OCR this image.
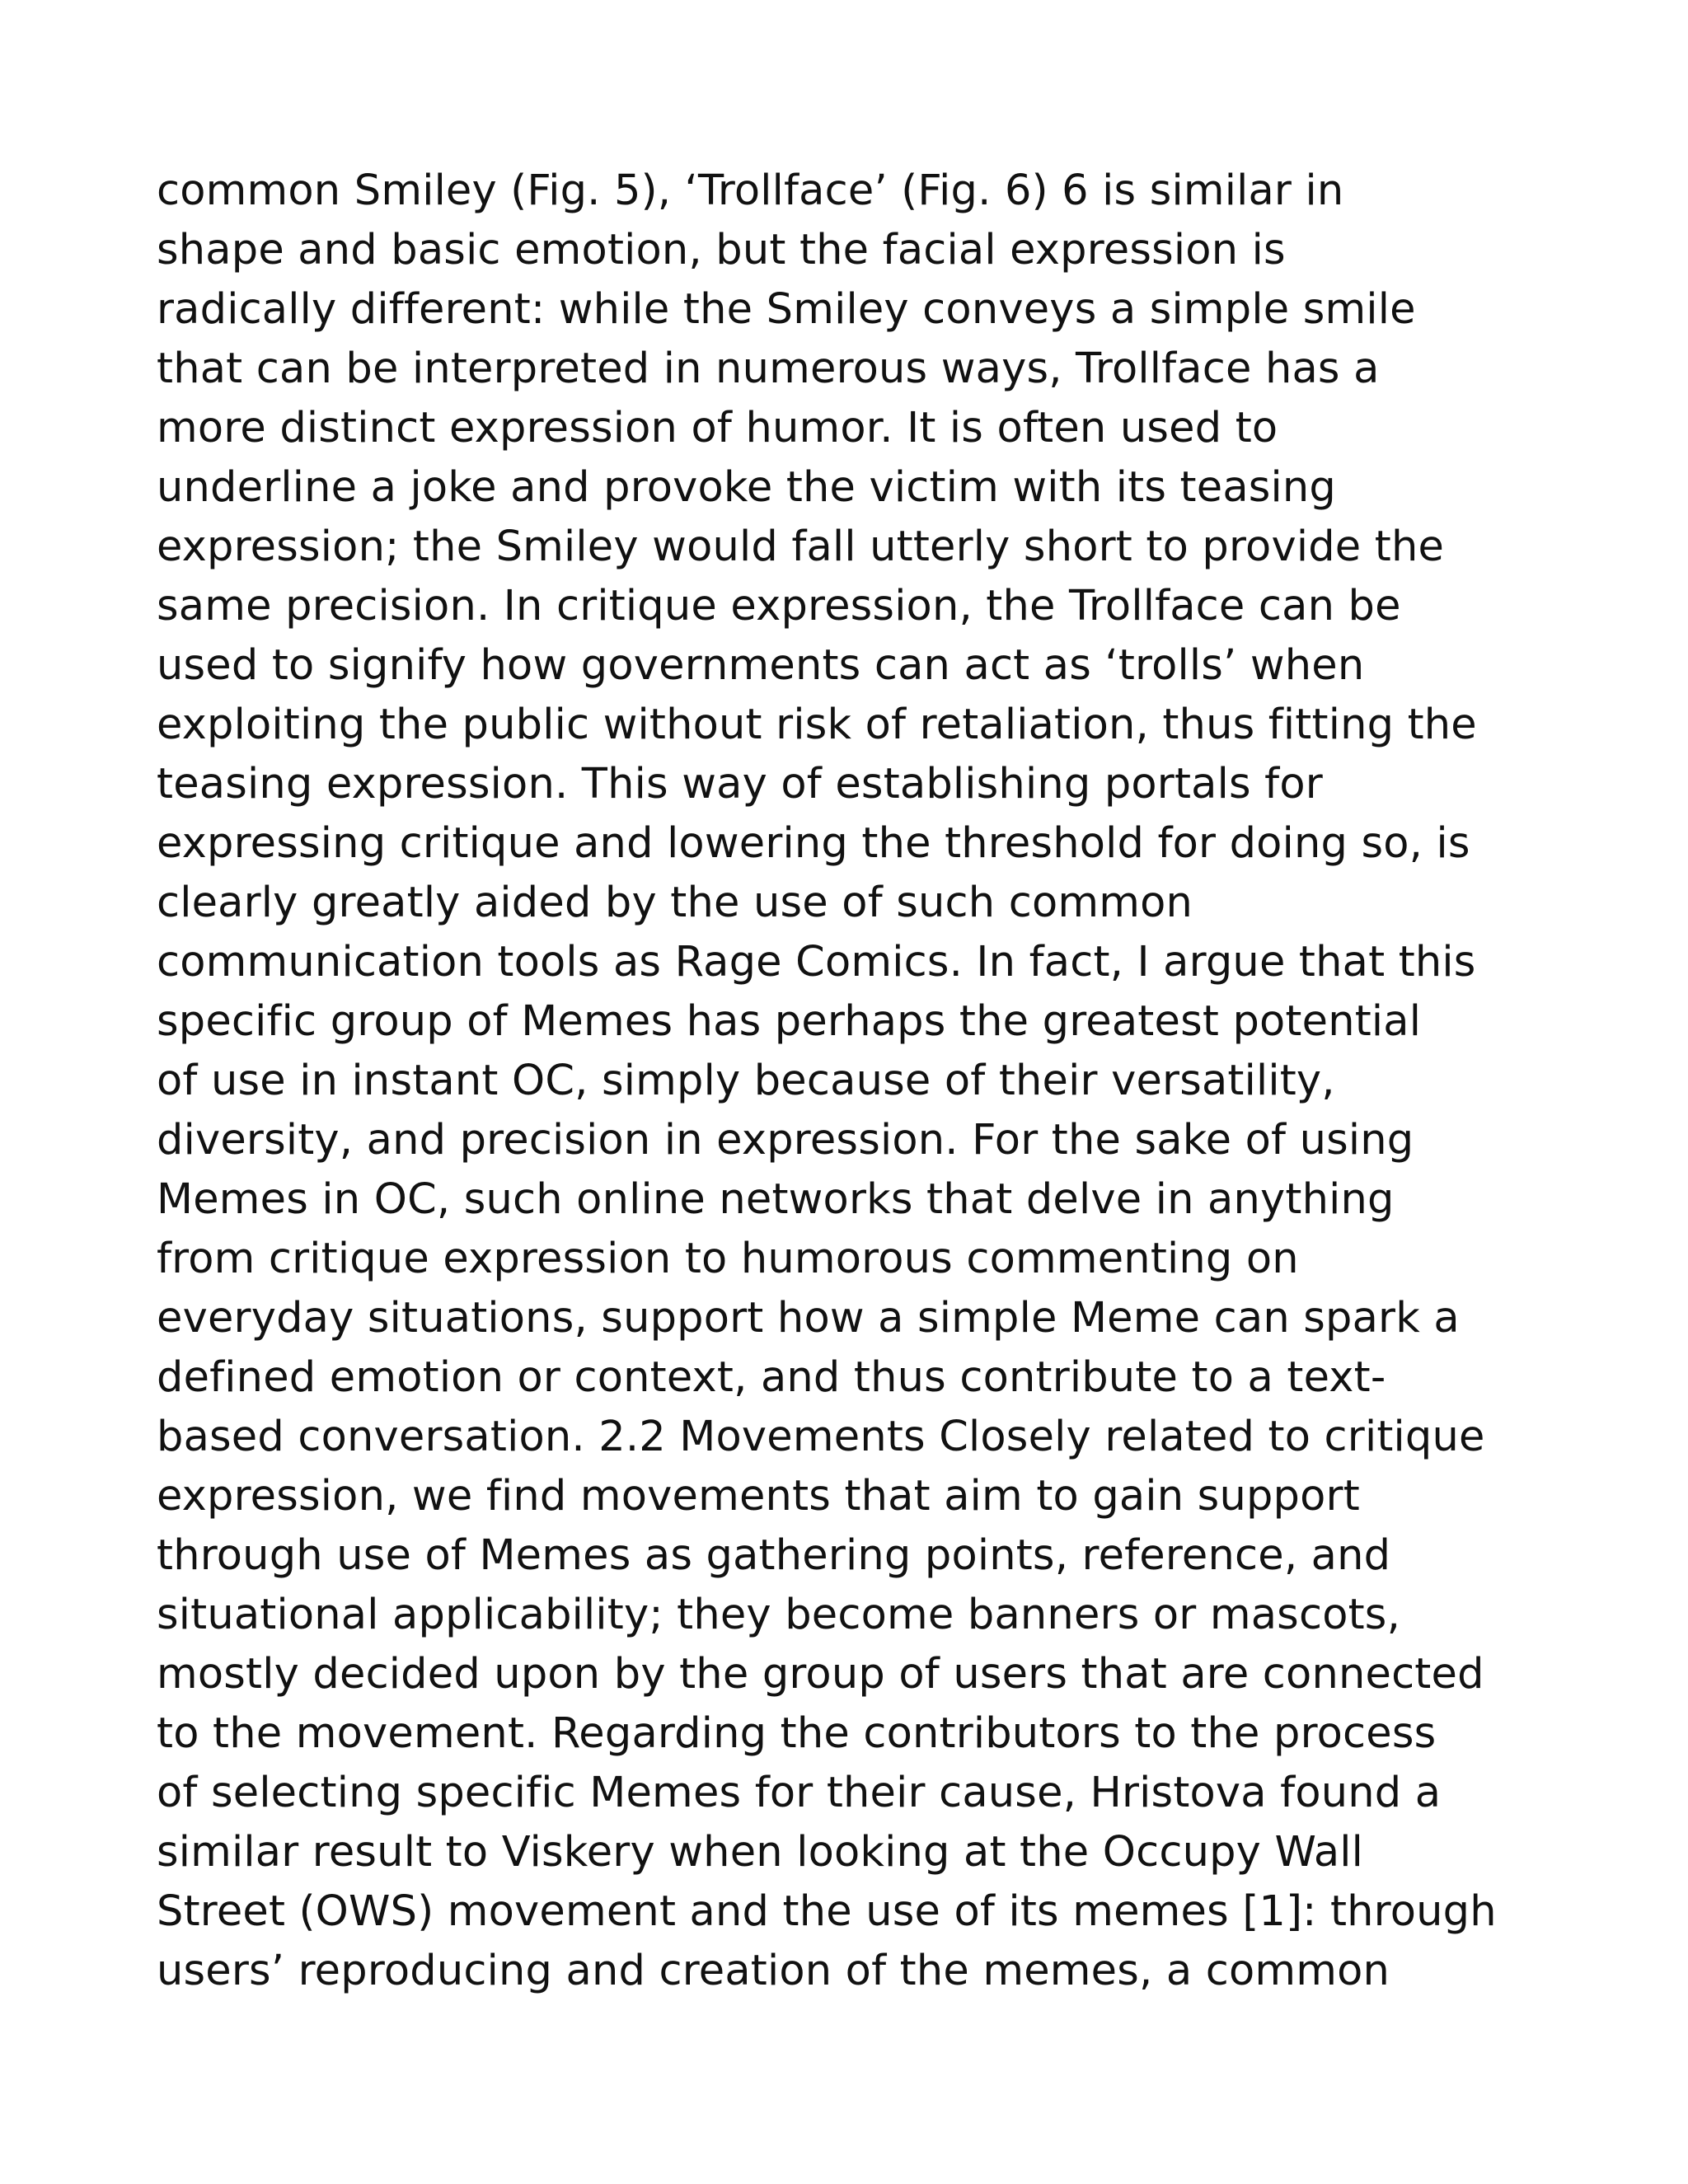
common Smiley (Fig. 5), ‘Trollface’ (Fig. 6) 6 is similar in
shape and basic emotion, but the facial expression is
radically different: while the Smiley conveys a simple smile
that can be interpreted in numerous ways, Trollface has a
more distinct expression of humor. It is often used to
underline a joke and provoke the victim with its teasing
expression; the Smiley would fall utterly short to provide the
same precision. In critique expression, the Trollface can be
used to signify how governments can act as ‘trolls’ when
exploiting the public without risk of retaliation, thus fitting the
teasing expression. This way of establishing portals for
expressing critique and lowering the threshold for doing so, is
clearly greatly aided by the use of such common
communication tools as Rage Comics. In fact, I argue that this
specific group of Memes has perhaps the greatest potential
of use in instant OC, simply because of their versatility,
diversity, and precision in expression. For the sake of using
Memes in OC, such online networks that delve in anything
from critique expression to humorous commenting on
everyday situations, support how a simple Meme can spark a
defined emotion or context, and thus contribute to a text-
based conversation. 2.2 Movements Closely related to critique
expression, we find movements that aim to gain support
through use of Memes as gathering points, reference, and
situational applicability; they become banners or mascots,
mostly decided upon by the group of users that are connected
to the movement. Regarding the contributors to the process
of selecting specific Memes for their cause, Hristova found a
similar result to Viskery when looking at the Occupy Wall
Street (OWS) movement and the use of its memes [1]: through
users’ reproducing and creation of the memes, a common
